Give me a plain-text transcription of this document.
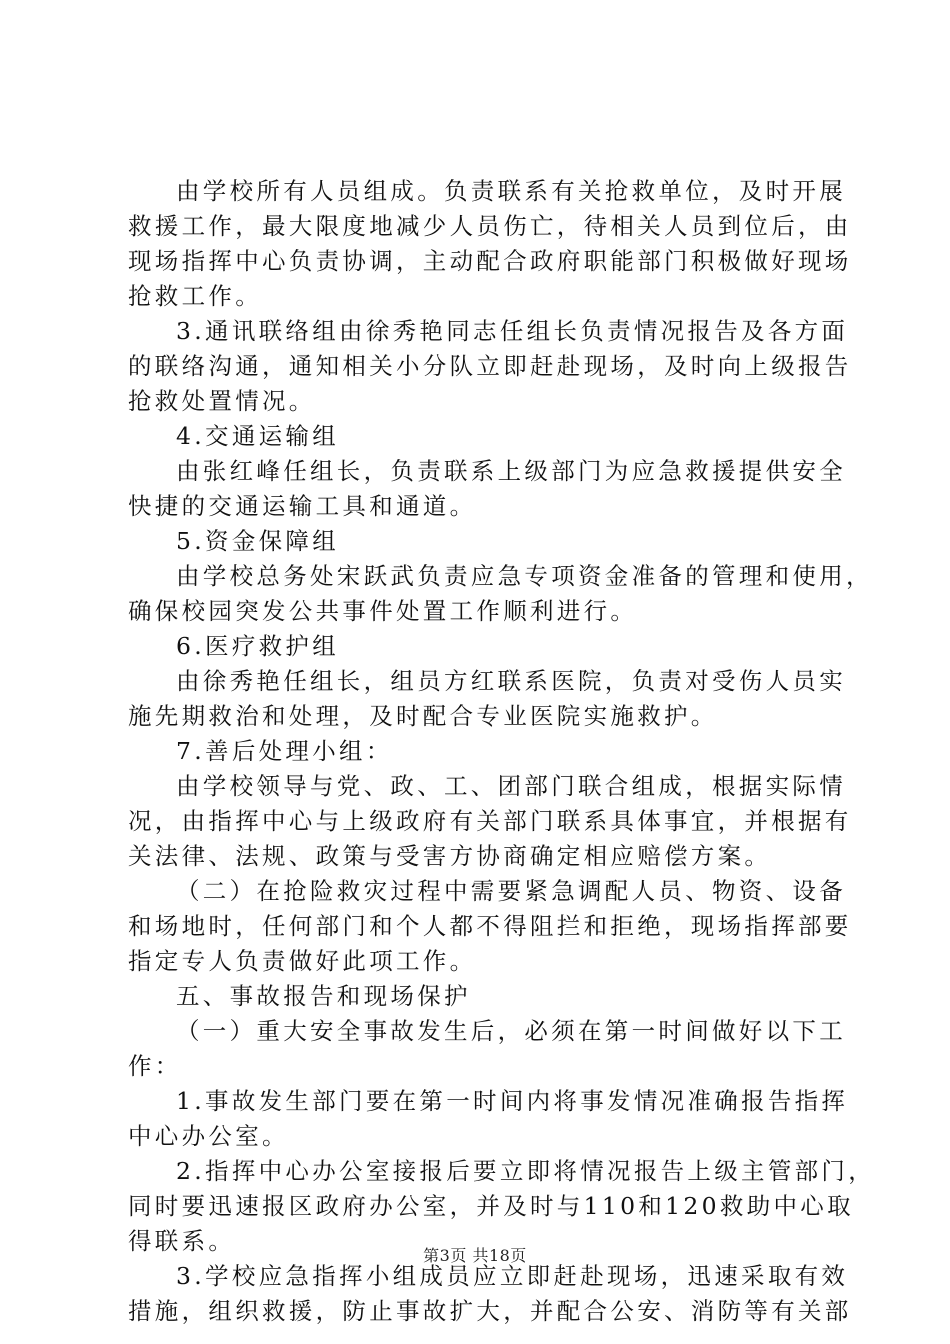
由学校所有人员组成。负责联系有关抢救单位，及时开展
救援工作，最大限度地减少人员伤亡，待相关人员到位后，由
现场指挥中心负责协调，主动配合政府职能部门积极做好现场
抢救工作。
3.通讯联络组由徐秀艳同志任组长负责情况报告及各方面
的联络沟通，通知相关小分队立即赶赴现场，及时向上级报告
抢救处置情况。
4.交通运输组
由张红峰任组长，负责联系上级部门为应急救援提供安全
快捷的交通运输工具和通道。
5.资金保障组
由学校总务处宋跃武负责应急专项资金准备的管理和使用，
确保校园突发公共事件处置工作顺利进行。
6.医疗救护组
由徐秀艳任组长，组员方红联系医院，负责对受伤人员实
施先期救治和处理，及时配合专业医院实施救护。
7.善后处理小组：
由学校领导与党、政、工、团部门联合组成，根据实际情
况，由指挥中心与上级政府有关部门联系具体事宜，并根据有
关法律、法规、政策与受害方协商确定相应赔偿方案。
（二）在抢险救灾过程中需要紧急调配人员、物资、设备
和场地时，任何部门和个人都不得阻拦和拒绝，现场指挥部要
指定专人负责做好此项工作。
五、事故报告和现场保护
（一）重大安全事故发生后，必须在第一时间做好以下工
作：
1.事故发生部门要在第一时间内将事发情况准确报告指挥
中心办公室。
2.指挥中心办公室接报后要立即将情况报告上级主管部门，
同时要迅速报区政府办公室，并及时与110和120救助中心取
得联系。
3.学校应急指挥小组成员应立即赶赴现场，迅速采取有效
措施，组织救援，防止事故扩大，并配合公安、消防等有关部
第3页 共18页
